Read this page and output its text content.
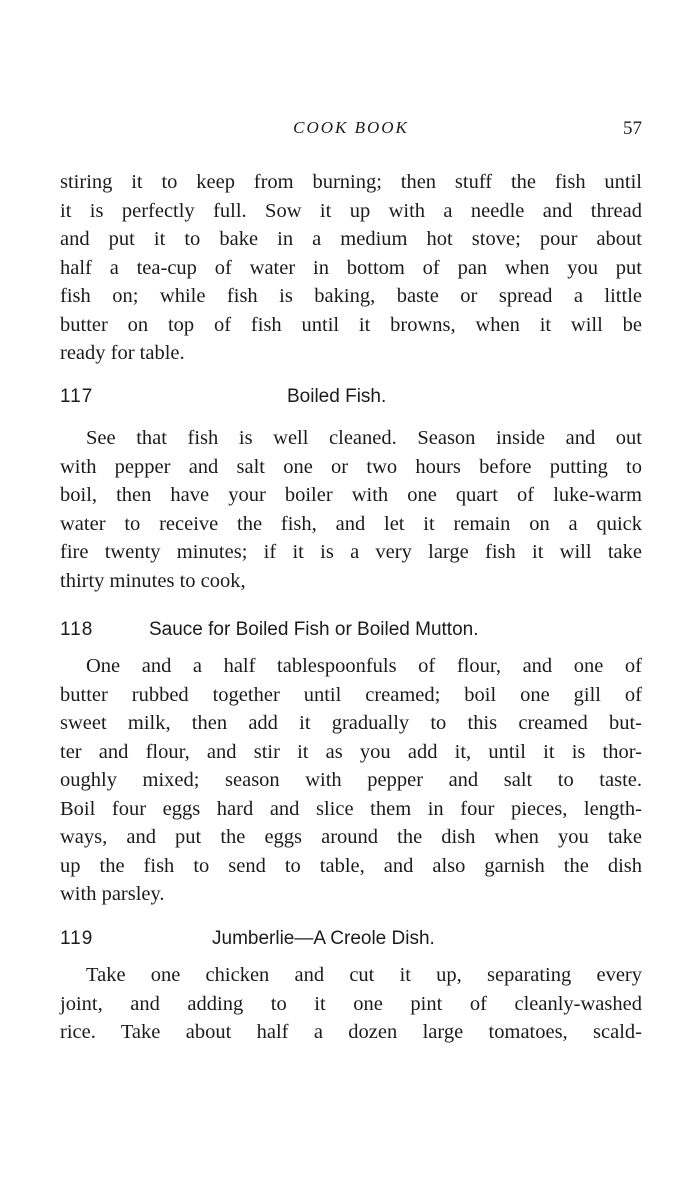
COOK BOOK	57
stiring it to keep from burning; then stuff the fish until
it is perfectly full. Sow it up with a needle and thread
and put it to bake in a medium hot stove; pour about
half a tea-cup of water in bottom of pan when you put
fish on; while fish is baking, baste or spread a little
butter on top of fish until it browns, when it will be
ready for table.
117	Boiled Fish.
See that fish is well cleaned. Season inside and out
with pepper and salt one or two hours before putting to
boil, then have your boiler with one quart of luke-warm
water to receive the fish, and let it remain on a quick
fire twenty minutes; if it is a very large fish it will take
thirty minutes to cook,
118	Sauce for Boiled Fish or Boiled Mutton.
One and a half tablespoonfuls of flour, and one of
butter rubbed together until creamed; boil one gill of
sweet milk, then add it gradually to this creamed but-
ter and flour, and stir it as you add it, until it is thor-
oughly mixed; season with pepper and salt to taste.
Boil four eggs hard and slice them in four pieces, length-
ways, and put the eggs around the dish when you take
up the fish to send to table, and also garnish the dish
with parsley.
119	Jumberlie—A Creole Dish.
Take one chicken and cut it up, separating every
joint, and adding to it one pint of cleanly-washed
rice. Take about half a dozen large tomatoes, scald-
